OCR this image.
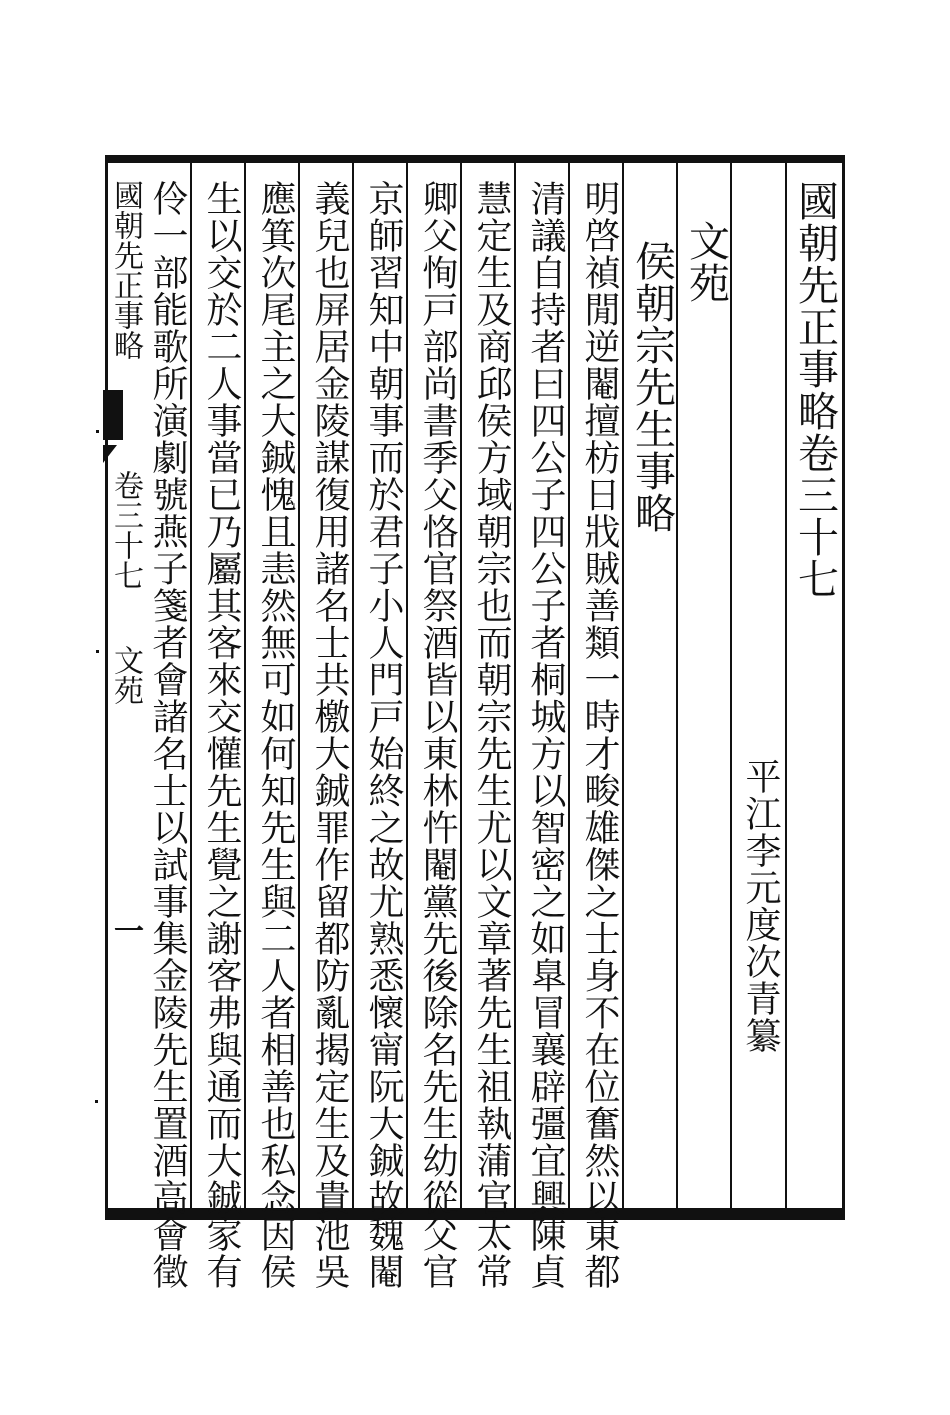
國朝先正事略卷三十七
平江李元度次青纂
文苑
侯朝宗先生事略
明啓禎閒逆閹擅枋日戕賊善類一時才畯雄傑之士身不在位奮然以東都
清議自持者曰四公子四公子者桐城方以智密之如臯冒襄辟彊宜興陳貞
慧定生及商邱侯方域朝宗也而朝宗先生尤以文章著先生祖執蒲官太常
卿父恂戸部尚書季父恪官祭酒皆以東林忤閹黨先後除名先生幼從父官
京師習知中朝事而於君子小人門戸始終之故尤熟悉懷甯阮大鋮故魏閹
義兒也屏居金陵謀復用諸名士共檄大鋮罪作留都防亂揭定生及貴池吳
應箕次尾主之大鋮愧且恚然無可如何知先生與二人者相善也私念因侯
生以交於二人事當已乃屬其客來交懽先生覺之謝客弗與通而大鋮家有
伶一部能歌所演劇號燕子箋者會諸名士以試事集金陵先生置酒高會徵
國朝先正事略
卷三十七
文苑
一
